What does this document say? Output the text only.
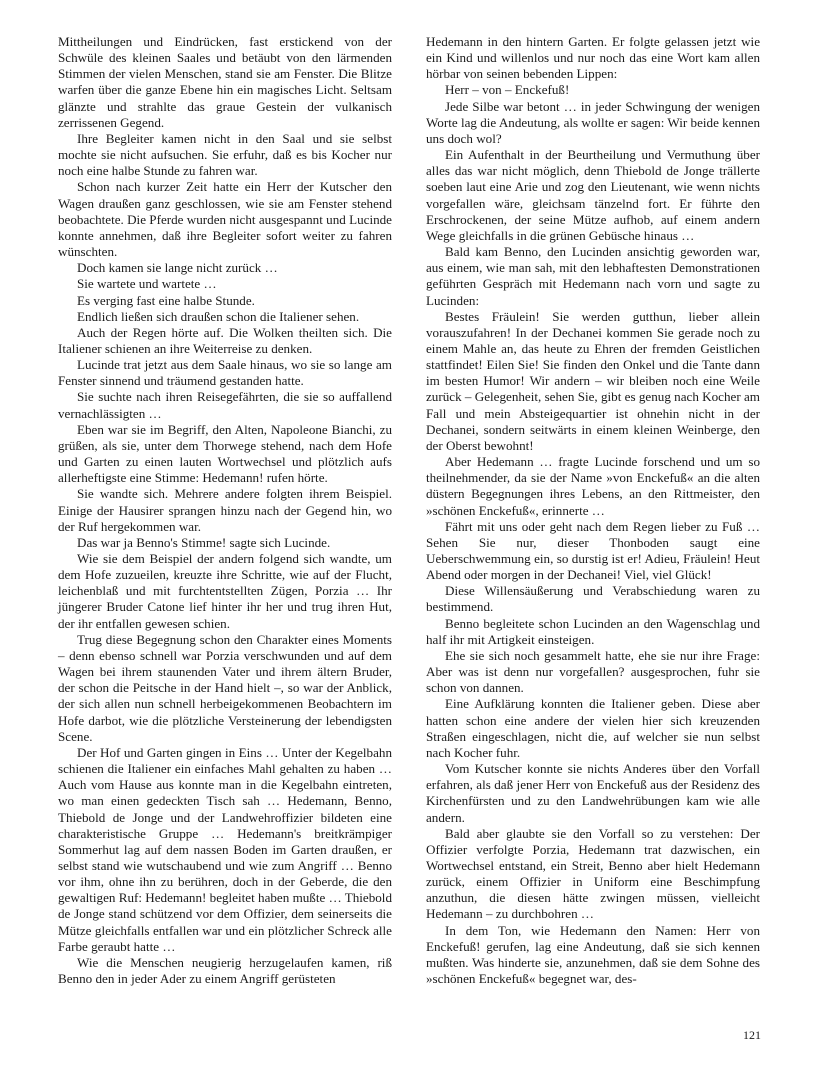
Mittheilungen und Eindrücken, fast erstickend von der Schwüle des kleinen Saales und betäubt von den lärmenden Stimmen der vielen Menschen, stand sie am Fenster. Die Blitze warfen über die ganze Ebene hin ein magisches Licht. Seltsam glänzte und strahlte das graue Gestein der vulkanisch zerrissenen Gegend.

Ihre Begleiter kamen nicht in den Saal und sie selbst mochte sie nicht aufsuchen. Sie erfuhr, daß es bis Kocher nur noch eine halbe Stunde zu fahren war.

Schon nach kurzer Zeit hatte ein Herr der Kutscher den Wagen draußen ganz geschlossen, wie sie am Fenster stehend beobachtete. Die Pferde wurden nicht ausgespannt und Lucinde konnte annehmen, daß ihre Begleiter sofort weiter zu fahren wünschten.

Doch kamen sie lange nicht zurück …

Sie wartete und wartete …

Es verging fast eine halbe Stunde.

Endlich ließen sich draußen schon die Italiener sehen.

Auch der Regen hörte auf. Die Wolken theilten sich. Die Italiener schienen an ihre Weiterreise zu denken.

Lucinde trat jetzt aus dem Saale hinaus, wo sie so lange am Fenster sinnend und träumend gestanden hatte.

Sie suchte nach ihren Reisegefährten, die sie so auffallend vernachlässigten …

Eben war sie im Begriff, den Alten, Napoleone Bianchi, zu grüßen, als sie, unter dem Thorwege stehend, nach dem Hofe und Garten zu einen lauten Wortwechsel und plötzlich aufs allerheftigste eine Stimme: Hedemann! rufen hörte.

Sie wandte sich. Mehrere andere folgten ihrem Beispiel. Einige der Hausirer sprangen hinzu nach der Gegend hin, wo der Ruf hergekommen war.

Das war ja Benno's Stimme! sagte sich Lucinde.

Wie sie dem Beispiel der andern folgend sich wandte, um dem Hofe zuzueilen, kreuzte ihre Schritte, wie auf der Flucht, leichenblaß und mit furchtentstellten Zügen, Porzia … Ihr jüngerer Bruder Catone lief hinter ihr her und trug ihren Hut, der ihr entfallen gewesen schien.

Trug diese Begegnung schon den Charakter eines Moments – denn ebenso schnell war Porzia verschwunden und auf dem Wagen bei ihrem staunenden Vater und ihrem ältern Bruder, der schon die Peitsche in der Hand hielt –, so war der Anblick, der sich allen nun schnell herbeigekommenen Beobachtern im Hofe darbot, wie die plötzliche Versteinerung der lebendigsten Scene.

Der Hof und Garten gingen in Eins … Unter der Kegelbahn schienen die Italiener ein einfaches Mahl gehalten zu haben … Auch vom Hause aus konnte man in die Kegelbahn eintreten, wo man einen gedeckten Tisch sah … Hedemann, Benno, Thiebold de Jonge und der Landwehroffizier bildeten eine charakteristische Gruppe … Hedemann's breitkrämpiger Sommerhut lag auf dem nassen Boden im Garten draußen, er selbst stand wie wutschaubend und wie zum Angriff … Benno vor ihm, ohne ihn zu berühren, doch in der Geberde, die den gewaltigen Ruf: Hedemann! begleitet haben mußte … Thiebold de Jonge stand schützend vor dem Offizier, dem seinerseits die Mütze gleichfalls entfallen war und ein plötzlicher Schreck alle Farbe geraubt hatte …

Wie die Menschen neugierig herzugelaufen kamen, riß Benno den in jeder Ader zu einem Angriff gerüsteten

Hedemann in den hintern Garten. Er folgte gelassen jetzt wie ein Kind und willenlos und nur noch das eine Wort kam allen hörbar von seinen bebenden Lippen:

Herr – von – Enckefuß!

Jede Silbe war betont … in jeder Schwingung der wenigen Worte lag die Andeutung, als wollte er sagen: Wir beide kennen uns doch wol?

Ein Aufenthalt in der Beurtheilung und Vermuthung über alles das war nicht möglich, denn Thiebold de Jonge trällerte soeben laut eine Arie und zog den Lieutenant, wie wenn nichts vorgefallen wäre, gleichsam tänzelnd fort. Er führte den Erschrockenen, der seine Mütze aufhob, auf einem andern Wege gleichfalls in die grünen Gebüsche hinaus …

Bald kam Benno, den Lucinden ansichtig geworden war, aus einem, wie man sah, mit den lebhaftesten Demonstrationen geführten Gespräch mit Hedemann nach vorn und sagte zu Lucinden:

Bestes Fräulein! Sie werden gutthun, lieber allein vorauszufahren! In der Dechanei kommen Sie gerade noch zu einem Mahle an, das heute zu Ehren der fremden Geistlichen stattfindet! Eilen Sie! Sie finden den Onkel und die Tante dann im besten Humor! Wir andern – wir bleiben noch eine Weile zurück – Gelegenheit, sehen Sie, gibt es genug nach Kocher am Fall und mein Absteigequartier ist ohnehin nicht in der Dechanei, sondern seitwärts in einem kleinen Weinberge, den der Oberst bewohnt!

Aber Hedemann … fragte Lucinde forschend und um so theilnehmender, da sie der Name »von Enckefuß« an die alten düstern Begegnungen ihres Lebens, an den Rittmeister, den »schönen Enckefuß«, erinnerte …

Fährt mit uns oder geht nach dem Regen lieber zu Fuß … Sehen Sie nur, dieser Thonboden saugt eine Ueberschwemmung ein, so durstig ist er! Adieu, Fräulein! Heut Abend oder morgen in der Dechanei! Viel, viel Glück!

Diese Willensäußerung und Verabschiedung waren zu bestimmend.

Benno begleitete schon Lucinden an den Wagenschlag und half ihr mit Artigkeit einsteigen.

Ehe sie sich noch gesammelt hatte, ehe sie nur ihre Frage: Aber was ist denn nur vorgefallen? ausgesprochen, fuhr sie schon von dannen.

Eine Aufklärung konnten die Italiener geben. Diese aber hatten schon eine andere der vielen hier sich kreuzenden Straßen eingeschlagen, nicht die, auf welcher sie nun selbst nach Kocher fuhr.

Vom Kutscher konnte sie nichts Anderes über den Vorfall erfahren, als daß jener Herr von Enckefuß aus der Residenz des Kirchenfürsten und zu den Landwehrübungen kam wie alle andern.

Bald aber glaubte sie den Vorfall so zu verstehen: Der Offizier verfolgte Porzia, Hedemann trat dazwischen, ein Wortwechsel entstand, ein Streit, Benno aber hielt Hedemann zurück, einem Offizier in Uniform eine Beschimpfung anzuthun, die diesen hätte zwingen müssen, vielleicht Hedemann – zu durchbohren …

In dem Ton, wie Hedemann den Namen: Herr von Enckefuß! gerufen, lag eine Andeutung, daß sie sich kennen mußten. Was hinderte sie, anzunehmen, daß sie dem Sohne des »schönen Enckefuß« begegnet war, des-

121
